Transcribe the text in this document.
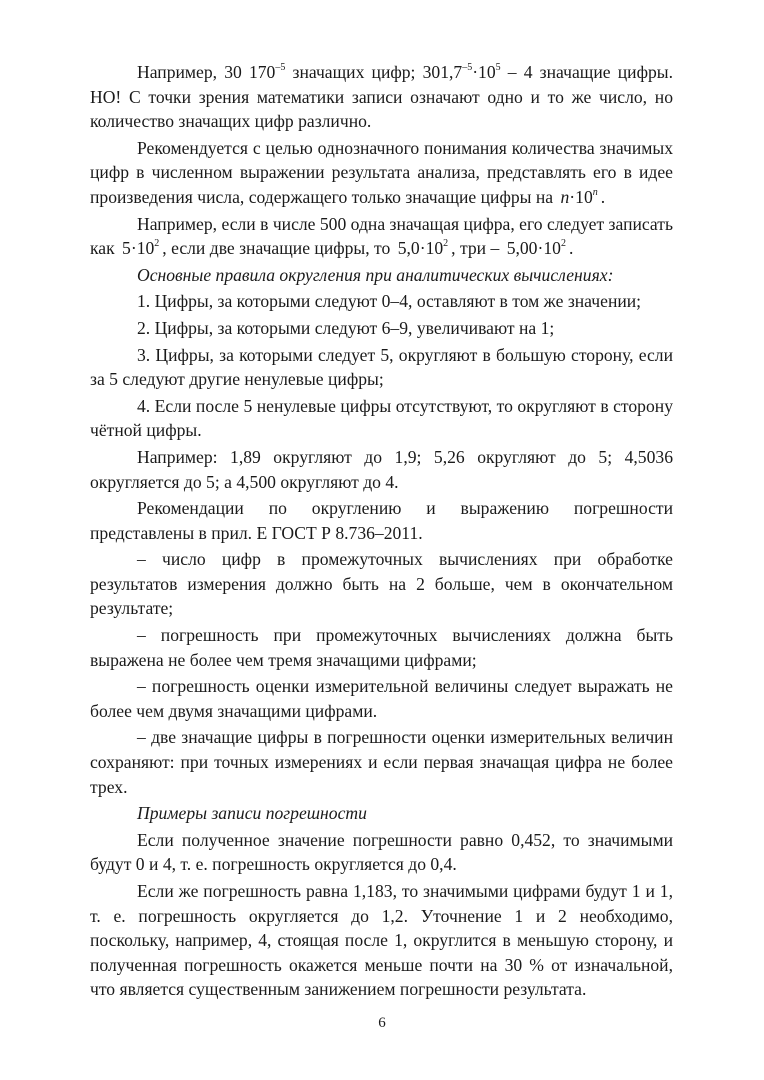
Например, 30 $170^{-5}$ значащих цифр; $301,7^{-5}\cdot 10^5 - 4$ значащие цифры. НО! С точки зрения математики записи означают одно и то же число, но количество значащих цифр различно.

Рекомендуется с целью однозначного понимания количества значимых цифр в численном выражении результата анализа, представлять его в идее произведения числа, содержащего только значащие цифры на $n\cdot 10^n$ .

Например, если в числе 500 одна значащая цифра, его следует записать как $5\cdot 10^2$ , если две значащие цифры, то $5,0\cdot 10^2$ , три – $5,00\cdot 10^2$ .

Основные правила округления при аналитических вычислениях:

1. Цифры, за которыми следуют 0–4, оставляют в том же значении;

2. Цифры, за которыми следуют 6–9, увеличивают на 1;

3. Цифры, за которыми следует 5, округляют в большую сторону, если за 5 следуют другие ненулевые цифры;

4. Если после 5 ненулевые цифры отсутствуют, то округляют в сторону чётной цифры.

Например: 1,89 округляют до 1,9; 5,26 округляют до 5; 4,5036 округляется до 5; а 4,500 округляют до 4.

Рекомендации по округлению и выражению погрешности представлены в прил. Е ГОСТ Р 8.736–2011.

– число цифр в промежуточных вычислениях при обработке результатов измерения должно быть на 2 больше, чем в окончательном результате;

– погрешность при промежуточных вычислениях должна быть выражена не более чем тремя значащими цифрами;

– погрешность оценки измерительной величины следует выражать не более чем двумя значащими цифрами.

– две значащие цифры в погрешности оценки измерительных величин сохраняют: при точных измерениях и если первая значащая цифра не более трех.

Примеры записи погрешности

Если полученное значение погрешности равно 0,452, то значимыми будут 0 и 4, т. е. погрешность округляется до 0,4.

Если же погрешность равна 1,183, то значимыми цифрами будут 1 и 1, т. е. погрешность округляется до 1,2. Уточнение 1 и 2 необходимо, поскольку, например, 4, стоящая после 1, округлится в меньшую сторону, и полученная погрешность окажется меньше почти на 30 % от изначальной, что является существенным занижением погрешности результата.

6
